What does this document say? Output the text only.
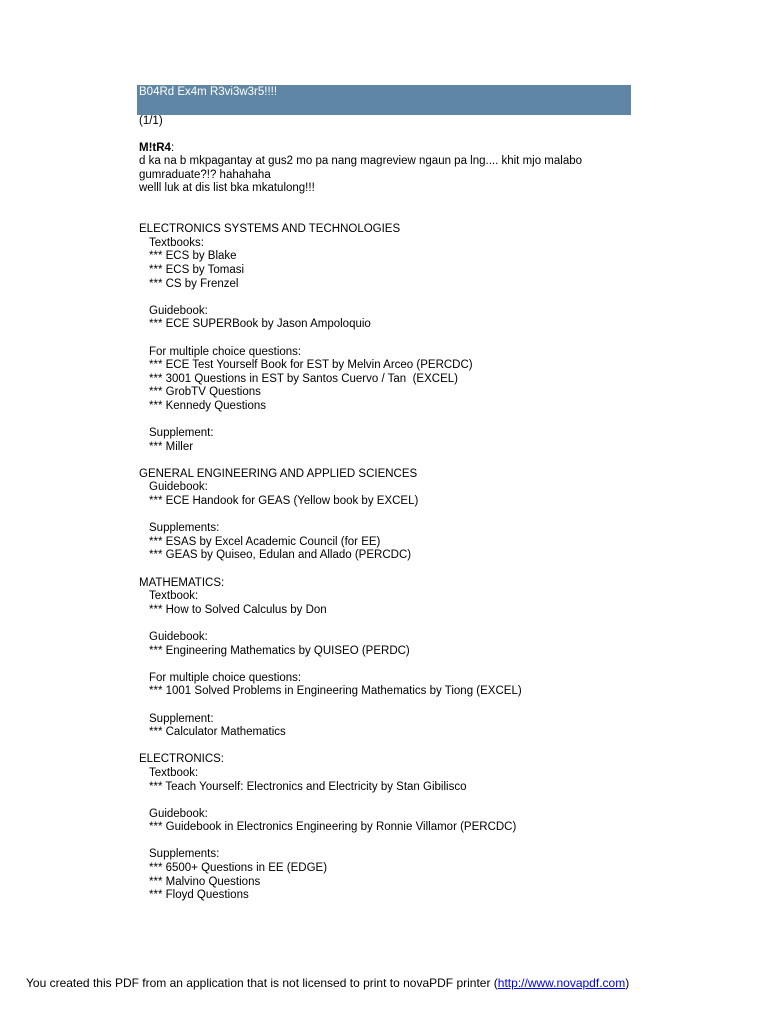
B04Rd Ex4m R3vi3w3r5!!!!
(1/1)
M!tR4:
d ka na b mkpagantay at gus2 mo pa nang magreview ngaun pa lng.... khit mjo malabo
gumraduate?!? hahahaha
welll luk at dis list bka mkatulong!!!
ELECTRONICS SYSTEMS AND TECHNOLOGIES
Textbooks:
*** ECS by Blake
*** ECS by Tomasi
*** CS by Frenzel
Guidebook:
*** ECE SUPERBook by Jason Ampoloquio
For multiple choice questions:
*** ECE Test Yourself Book for EST by Melvin Arceo (PERCDC)
*** 3001 Questions in EST by Santos Cuervo / Tan  (EXCEL)
*** GrobTV Questions
*** Kennedy Questions
Supplement:
*** Miller
GENERAL ENGINEERING AND APPLIED SCIENCES
Guidebook:
*** ECE Handook for GEAS (Yellow book by EXCEL)
Supplements:
*** ESAS by Excel Academic Council (for EE)
*** GEAS by Quiseo, Edulan and Allado (PERCDC)
MATHEMATICS:
Textbook:
*** How to Solved Calculus by Don
Guidebook:
*** Engineering Mathematics by QUISEO (PERDC)
For multiple choice questions:
*** 1001 Solved Problems in Engineering Mathematics by Tiong (EXCEL)
Supplement:
*** Calculator Mathematics
ELECTRONICS:
Textbook:
*** Teach Yourself: Electronics and Electricity by Stan Gibilisco
Guidebook:
*** Guidebook in Electronics Engineering by Ronnie Villamor (PERCDC)
Supplements:
*** 6500+ Questions in EE (EDGE)
*** Malvino Questions
*** Floyd Questions
You created this PDF from an application that is not licensed to print to novaPDF printer (http://www.novapdf.com)
